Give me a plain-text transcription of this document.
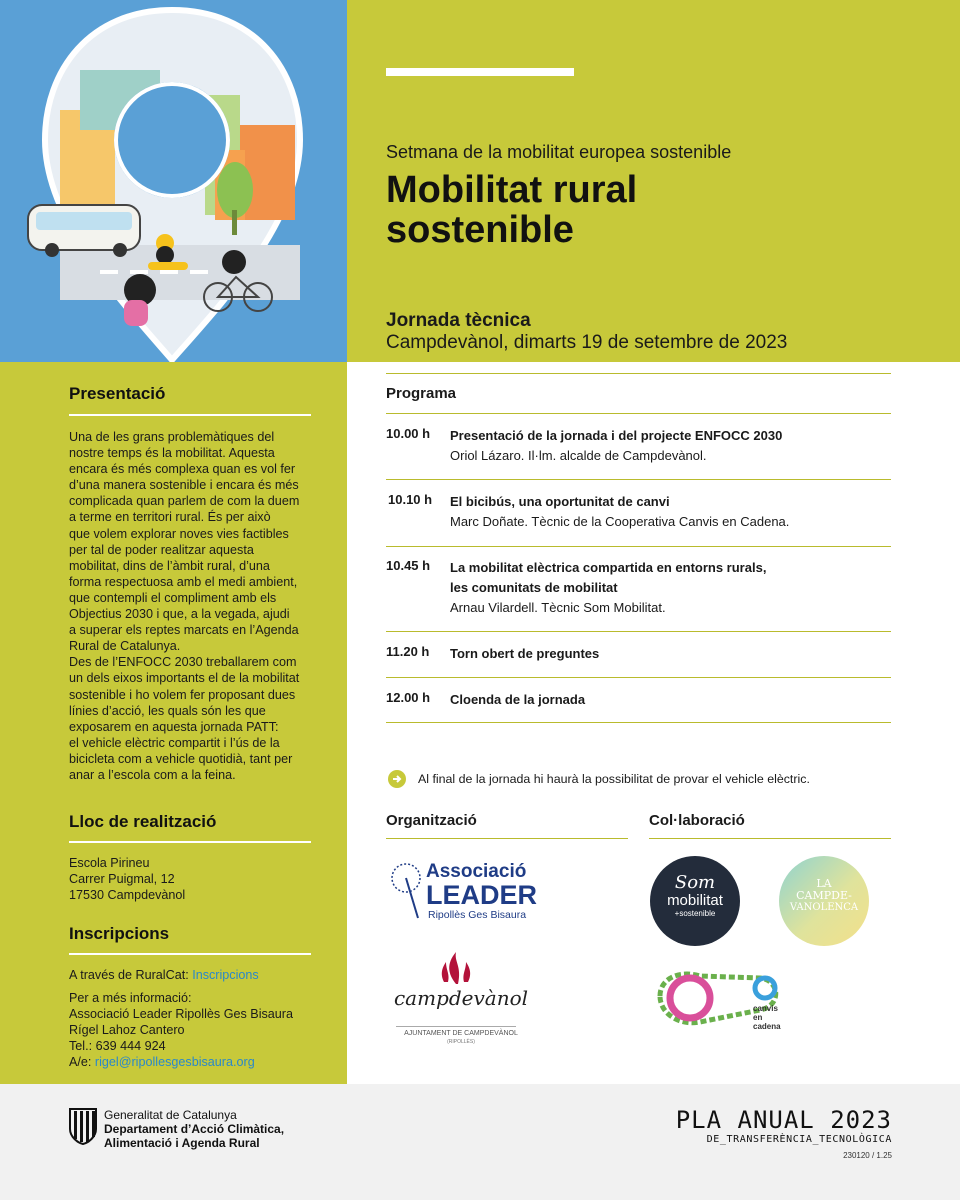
Setmana de la mobilitat europea sostenible
Mobilitat rural
sostenible
Jornada tècnica
Campdevànol, dimarts 19 de setembre de 2023
Presentació
Una de les grans problemàtiques del
nostre temps és la mobilitat. Aquesta
encara és més complexa quan es vol fer
d’una manera sostenible i encara és més
complicada quan parlem de com la duem
a terme en territori rural. És per això
que volem explorar noves vies factibles
per tal de poder realitzar aquesta
mobilitat, dins de l’àmbit rural, d’una
forma respectuosa amb el medi ambient,
que contempli el compliment amb els
Objectius 2030 i que, a la vegada, ajudi
a superar els reptes marcats en l’Agenda
Rural de Catalunya.
Des de l’ENFOCC 2030 treballarem com
un dels eixos importants el de la mobilitat
sostenible i ho volem fer proposant dues
línies d’acció, les quals són les que
exposarem en aquesta jornada PATT:
el vehicle elèctric compartit i l’ús de la
bicicleta com a vehicle quotidià, tant per
anar a l’escola com a la feina.
Lloc de realització
Escola Pirineu
Carrer Puigmal, 12
17530 Campdevànol
Inscripcions
A través de RuralCat: Inscripcions
Per a més informació:
Associació Leader Ripollès Ges Bisaura
Rígel Lahoz Cantero
Tel.: 639 444 924
A/e: rigel@ripollesgesbisaura.org
Programa
10.00 h Presentació de la jornada i del projecte ENFOCC 2030
Oriol Lázaro. Il·lm. alcalde de Campdevànol.
10.10 h El bicibús, una oportunitat de canvi
Marc Doñate. Tècnic de la Cooperativa Canvis en Cadena.
10.45 h La mobilitat elèctrica compartida en entorns rurals,
les comunitats de mobilitat
Arnau Vilardell. Tècnic Som Mobilitat.
11.20 h Torn obert de preguntes
12.00 h Cloenda de la jornada
Al final de la jornada hi haurà la possibilitat de provar el vehicle elèctric.
Organització	Col·laboració
Associació
LEADER
Ripollès Ges Bisaura
campdevànol
AJUNTAMENT DE CAMPDEVÀNOL
(RIPOLLÈS)
Som
mobilitat
+sostenible
LA
CAMPDE-
VANOLENCA
canvis
en
cadena
Generalitat de Catalunya
Departament d’Acció Climàtica,
Alimentació i Agenda Rural
PLA ANUAL 2023
DE_TRANSFERÈNCIA_TECNOLÒGICA
230120 / 1.25
